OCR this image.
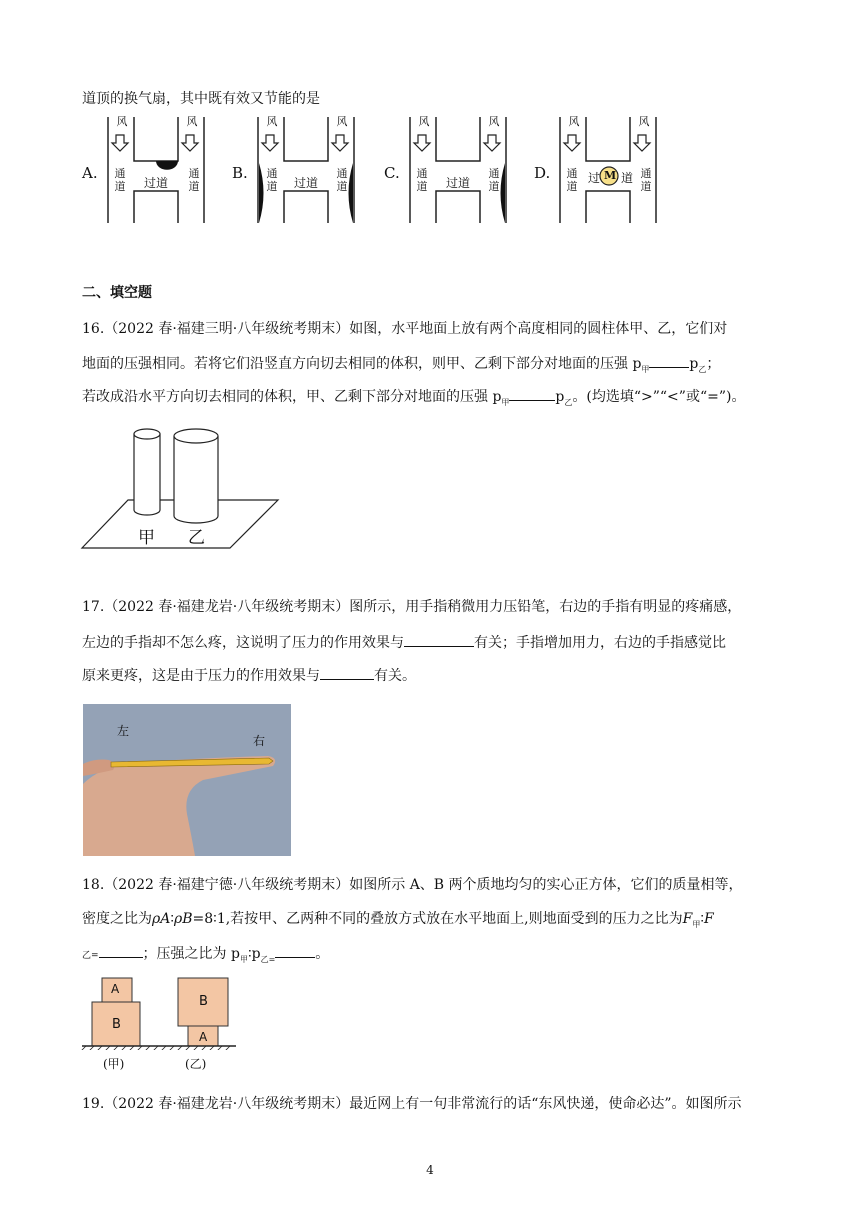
道顶的换气扇，其中既有效又节能的是
A.
风	风
通
道
通
道
过道
B.
风	风
通
道
通
道
过道
C.
风	风
通
道
通
道
过道
D.
风	风
通
道
通
道
过 M 道
二、填空题
16.（2022 春·福建三明·八年级统考期末）如图，水平地面上放有两个高度相同的圆柱体甲、乙，它们对
地面的压强相同。若将它们沿竖直方向切去相同的体积，则甲、乙剩下部分对地面的压强 $p_甲$	$p_乙$；
若改成沿水平方向切去相同的体积，甲、乙剩下部分对地面的压强 $p_甲$	$p_乙$。(均选填“>”“<”或“=”)。
甲 乙
17.（2022 春·福建龙岩·八年级统考期末）图所示，用手指稍微用力压铅笔，右边的手指有明显的疼痛感，
左边的手指却不怎么疼，这说明了压力的作用效果与	有关；手指增加用力，右边的手指感觉比
原来更疼，这是由于压力的作用效果与	有关。
左
右
18.（2022 春·福建宁德·八年级统考期末）如图所示 A、B 两个质地均匀的实心正方体，它们的质量相等，
密度之比为ρA∶ρB=8∶1,若按甲、乙两种不同的叠放方式放在水平地面上,则地面受到的压力之比为$F_甲∶F$
乙=	；压强之比为 $p_甲∶p_{乙=}$	。
A
B
B
A
(甲)	(乙)
19.（2022 春·福建龙岩·八年级统考期末）最近网上有一句非常流行的话“东风快递，使命必达”。如图所示
4
